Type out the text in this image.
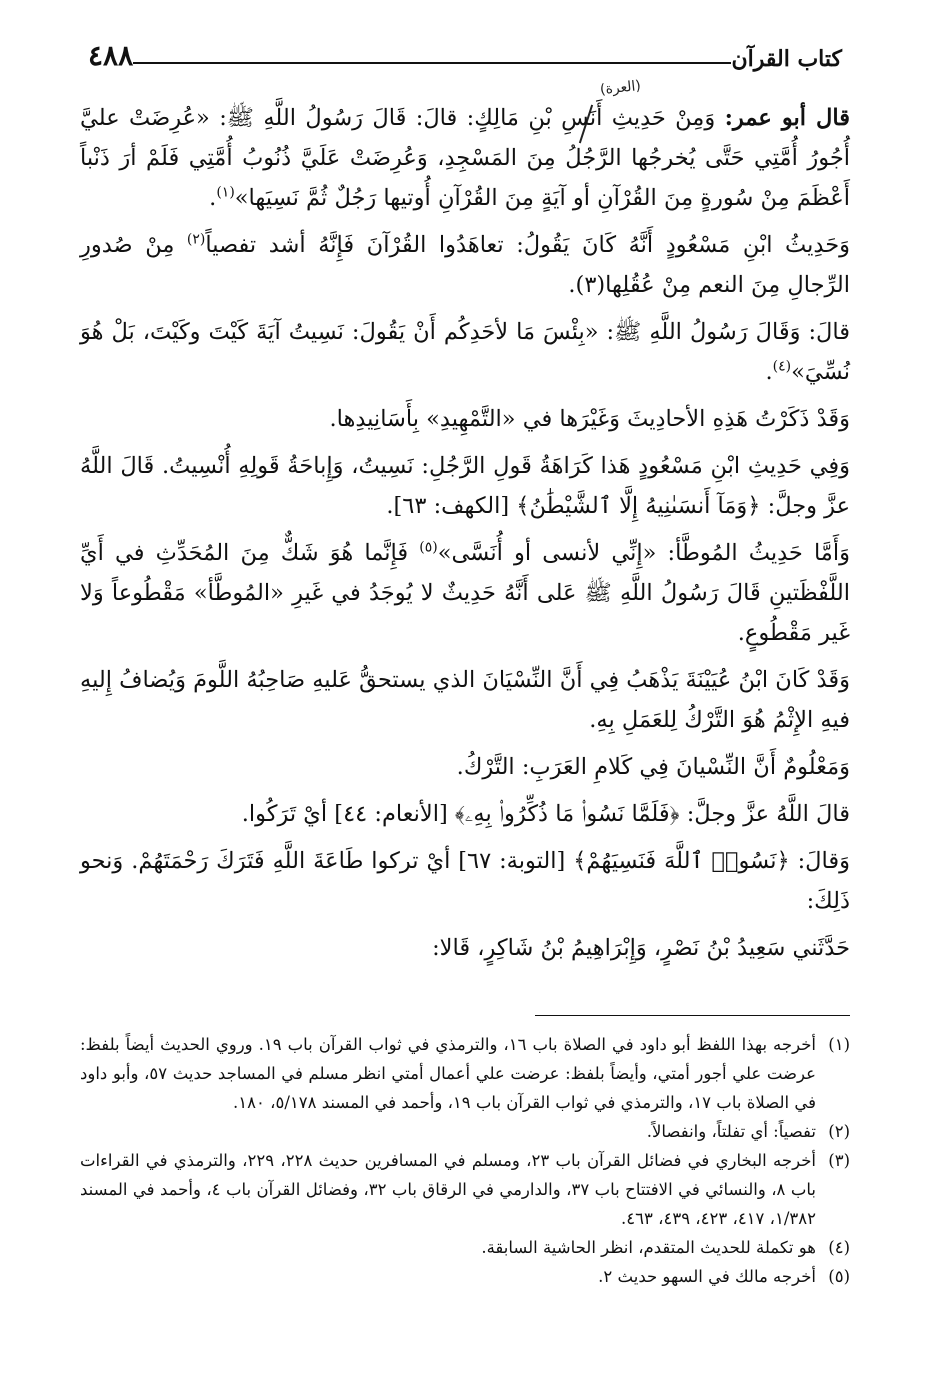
كتاب القرآن
٤٨٨
(العرة)

قال أبو عمر: وَمِنْ حَدِيثِ أَنَسِ بْنِ مَالِكٍ: قالَ: قَالَ رَسُولُ اللَّهِ ﷺ: «عُرِضَتْ عليَّ أُجُورُ أُمَّتِي حَتَّى يُخرجُها الرَّجُلُ مِنَ المَسْجِدِ، وَعُرِضَتْ عَلَيَّ ذُنُوبُ أُمَّتِي فَلَمْ أرَ ذَنْباً أَعْظَمَ مِنْ سُورةٍ مِنَ القُرْآنِ أو آيَةٍ مِنَ القُرْآنِ أُوتيها رَجُلٌ ثُمَّ نَسِيَها»$^{(١)}$.

وَحَدِيثُ ابْنِ مَسْعُودٍ أَنَّهُ كَانَ يَقُولُ: تعاهَدُوا القُرْآنَ فَإِنَّهُ أشد تفصياً$^{(٢)}$ مِنْ صُدورِ الرِّجالِ مِنَ النعم مِنْ عُقُلِها(٣).

قالَ: وَقَالَ رَسُولُ اللَّهِ ﷺ: «بِئْسَ مَا لأحَدِكُم أَنْ يَقُولَ: نَسِيتُ آيَةَ كَيْتَ وكَيْتَ، بَلْ هُوَ نُسِّيَ»$^{(٤)}$.

وَقَدْ ذَكَرْتُ هَذِهِ الأحادِيثَ وَغَيْرَها في «التَّمْهِيدِ» بِأَسَانِيدِها.

وَفِي حَدِيثِ ابْنِ مَسْعُودٍ هَذا كَرَاهَةُ قَولِ الرَّجُلِ: نَسِيتُ، وَإِباحَةُ قَولِهِ أُنْسِيتُ. قَالَ اللَّهُ عزَّ وجلَّ: ﴿وَمَآ أَنسَىٰنِيهُ إِلَّا ٱلشَّيْطَٰنُ﴾ [الكهف: ٦٣].

وَأَمَّا حَدِيثُ المُوطَّأ: «إِنِّي لأنسى أو أُنَسَّى»$^{(٥)}$ فَإِنَّما هُوَ شَكٌّ مِنَ المُحَدِّثِ في أَيِّ اللَّفْظَتينِ قَالَ رَسُولُ اللَّهِ ﷺ عَلى أَنَّهُ حَدِيثٌ لا يُوجَدُ في غَيرِ «المُوطَّأ» مَقْطُوعاً وَلا غَير مَقْطُوعٍ.

وَقَدْ كَانَ ابْنُ عُيَيْنَةَ يَذْهَبُ فِي أَنَّ النِّسْيَانَ الذي يستحقُّ عَليهِ صَاحِبُهُ اللَّومَ وَيُضافُ إِليهِ فيهِ الإِثْمُ هُوَ التَّرْكُ لِلعَمَلِ بِهِ.

وَمَعْلُومٌ أَنَّ النِّسْيانَ فِي كَلامِ العَرَبِ: التَّرْكُ.

قالَ اللَّهُ عزَّ وجلَّ: ﴿فَلَمَّا نَسُوا۟ مَا ذُكِّرُوا۟ بِهِۦ﴾ [الأنعام: ٤٤] أيْ تَرَكُوا.

وَقالَ: ﴿نَسُوا۟ ٱللَّهَ فَنَسِيَهُمْ﴾ [التوبة: ٦٧] أيْ تركوا طَاعَةَ اللَّهِ فَتَرَكَ رَحْمَتَهُمْ. وَنحو ذَلِكَ:

حَدَّثَني سَعِيدُ بْنُ نَصْرٍ، وَإِبْرَاهِيمُ بْنُ شَاكِرٍ، قَالا:

(١)
أخرجه بهذا اللفظ أبو داود في الصلاة باب ١٦، والترمذي في ثواب القرآن باب ١٩. وروي الحديث أيضاً بلفظ: عرضت علي أجور أمتي، وأيضاً بلفظ: عرضت علي أعمال أمتي انظر مسلم في المساجد حديث ٥٧، وأبو داود في الصلاة باب ١٧، والترمذي في ثواب القرآن باب ١٩، وأحمد في المسند ٥/١٧٨، ١٨٠.
(٢)
تفصياً: أي تفلتاً، وانفصالاً.
(٣)
أخرجه البخاري في فضائل القرآن باب ٢٣، ومسلم في المسافرين حديث ٢٢٨، ٢٢٩، والترمذي في القراءات باب ٨، والنسائي في الافتتاح باب ٣٧، والدارمي في الرقاق باب ٣٢، وفضائل القرآن باب ٤، وأحمد في المسند ١/٣٨٢، ٤١٧، ٤٢٣، ٤٣٩، ٤٦٣.
(٤)
هو تكملة للحديث المتقدم، انظر الحاشية السابقة.
(٥)
أخرجه مالك في السهو حديث ٢.
